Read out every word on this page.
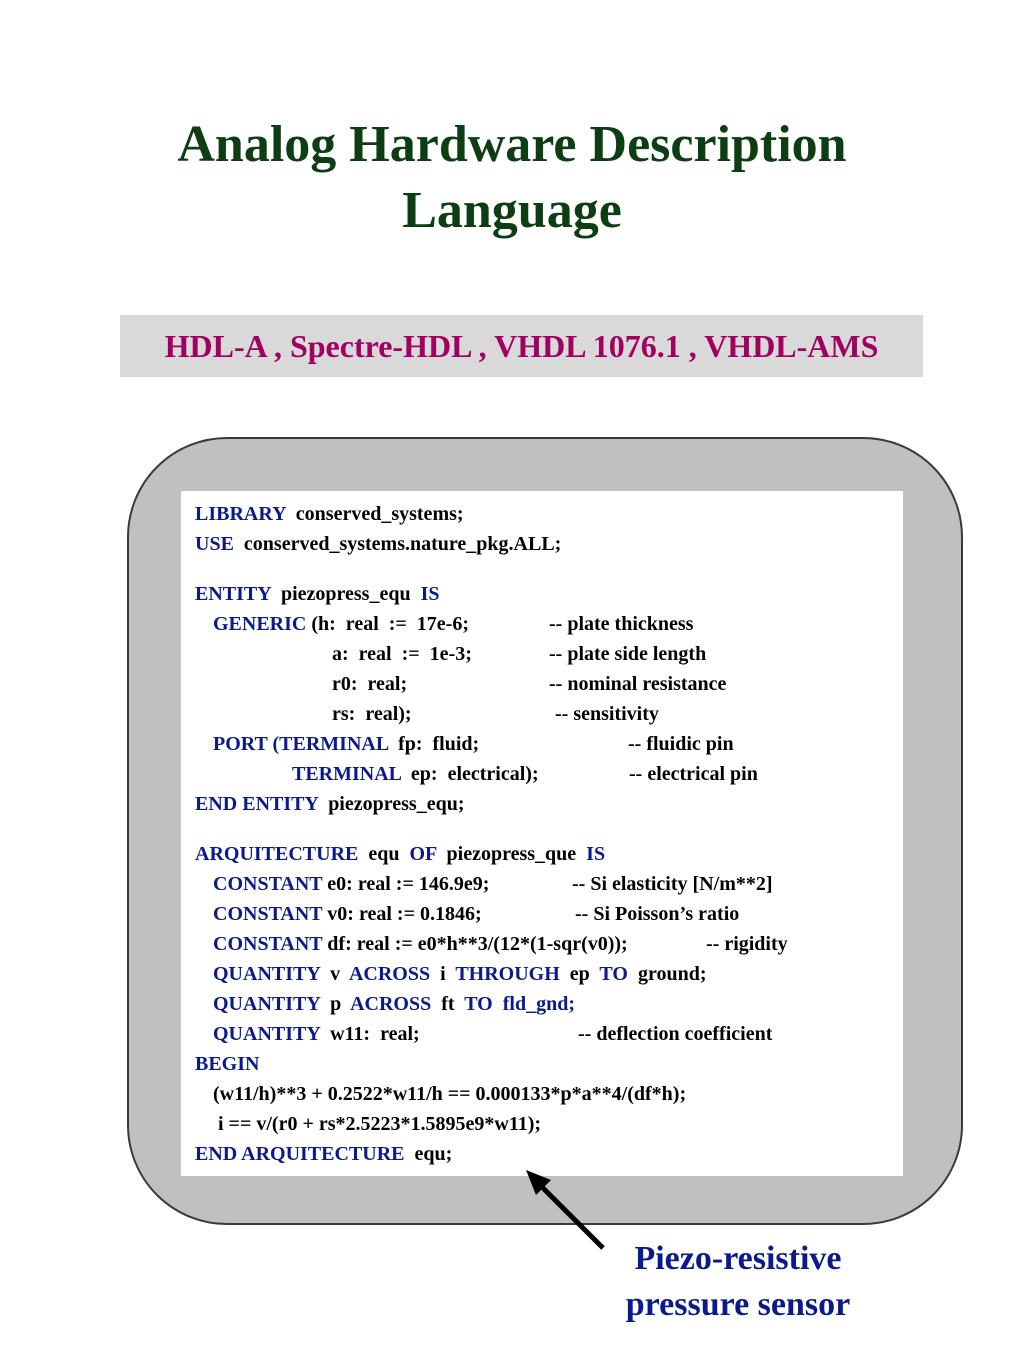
Analog Hardware Description
Language
HDL-A , Spectre-HDL , VHDL 1076.1 , VHDL-AMS
LIBRARY conserved_systems;
USE conserved_systems.nature_pkg.ALL;
ENTITY piezopress_equ IS
GENERIC (h:  real  :=  17e-6;	-- plate thickness
a:  real  :=  1e-3;	-- plate side length
r0:  real;	-- nominal resistance
rs:  real);	-- sensitivity
PORT (TERMINAL fp:  fluid;	-- fluidic pin
TERMINAL ep:  electrical);	-- electrical pin
END ENTITY piezopress_equ;
ARQUITECTURE equ OF piezopress_que IS
CONSTANT e0: real := 146.9e9;	-- Si elasticity [N/m**2]
CONSTANT v0: real := 0.1846;	-- Si Poisson’s ratio
CONSTANT df: real := e0*h**3/(12*(1-sqr(v0));	-- rigidity
QUANTITY v ACROSS i THROUGH ep TO ground;
QUANTITY p ACROSS ft TO fld_gnd;
QUANTITY w11:  real;	-- deflection coefficient
BEGIN
(w11/h)**3 + 0.2522*w11/h == 0.000133*p*a**4/(df*h);
i == v/(r0 + rs*2.5223*1.5895e9*w11);
END ARQUITECTURE equ;
Piezo-resistive
pressure sensor
